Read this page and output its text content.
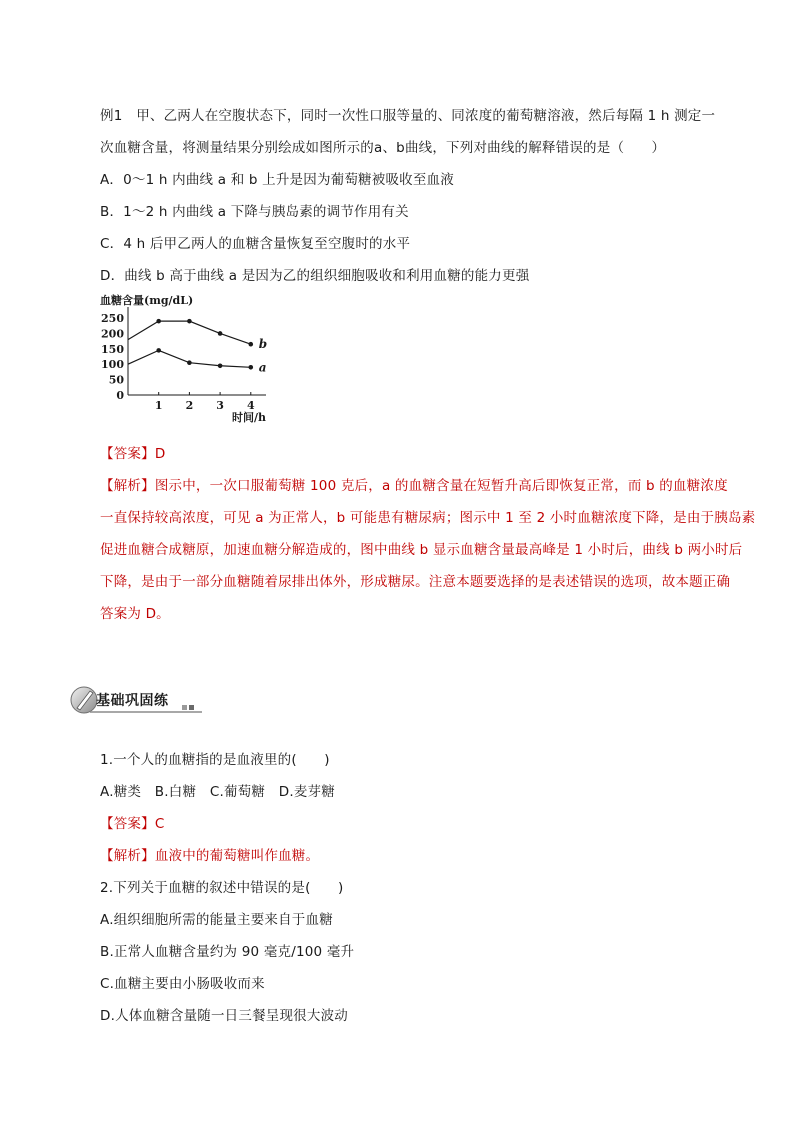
例1　甲、乙两人在空腹状态下，同时一次性口服等量的、同浓度的葡萄糖溶液，然后每隔 1 h 测定一
次血糖含量，将测量结果分别绘成如图所示的a、b曲线，下列对曲线的解释错误的是（　　）
A．0～1 h 内曲线 a 和 b 上升是因为葡萄糖被吸收至血液
B．1～2 h 内曲线 a 下降与胰岛素的调节作用有关
C．4 h 后甲乙两人的血糖含量恢复至空腹时的水平
D．曲线 b 高于曲线 a 是因为乙的组织细胞吸收和利用血糖的能力更强
血糖含量(mg/dL)
0
50
100
150
200
250
1 2 3 4
时间/h
b
a
【答案】D
【解析】图示中，一次口服葡萄糖 100 克后，a 的血糖含量在短暂升高后即恢复正常，而 b 的血糖浓度
一直保持较高浓度，可见 a 为正常人，b 可能患有糖尿病；图示中 1 至 2 小时血糖浓度下降，是由于胰岛素
促进血糖合成糖原，加速血糖分解造成的，图中曲线 b 显示血糖含量最高峰是 1 小时后，曲线 b 两小时后
下降，是由于一部分血糖随着尿排出体外，形成糖尿。注意本题要选择的是表述错误的选项，故本题正确
答案为 D。
基础巩固练
1.一个人的血糖指的是血液里的(　　)
A.糖类　B.白糖　C.葡萄糖　D.麦芽糖
【答案】C
【解析】血液中的葡萄糖叫作血糖。
2.下列关于血糖的叙述中错误的是(　　)
A.组织细胞所需的能量主要来自于血糖
B.正常人血糖含量约为 90 毫克/100 毫升
C.血糖主要由小肠吸收而来
D.人体血糖含量随一日三餐呈现很大波动
